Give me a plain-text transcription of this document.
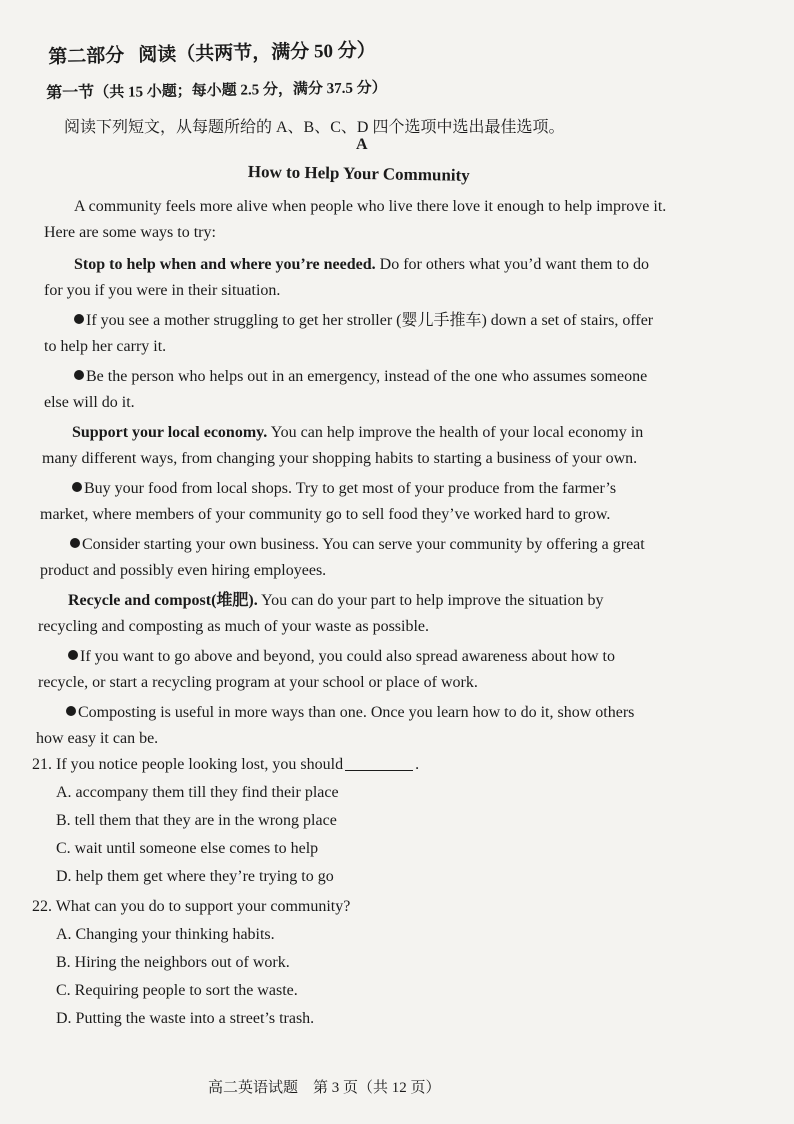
第二部分 阅读（共两节，满分 50 分）
第一节（共 15 小题；每小题 2.5 分，满分 37.5 分）
阅读下列短文，从每题所给的 A、B、C、D 四个选项中选出最佳选项。
A
How to Help Your Community
A community feels more alive when people who live there love it enough to help improve it.
Here are some ways to try:
Stop to help when and where you’re needed. Do for others what you’d want them to do
for you if you were in their situation.
If you see a mother struggling to get her stroller (婴儿手推车) down a set of stairs, offer
to help her carry it.
Be the person who helps out in an emergency, instead of the one who assumes someone
else will do it.
Support your local economy. You can help improve the health of your local economy in
many different ways, from changing your shopping habits to starting a business of your own.
Buy your food from local shops. Try to get most of your produce from the farmer’s
market, where members of your community go to sell food they’ve worked hard to grow.
Consider starting your own business. You can serve your community by offering a great
product and possibly even hiring employees.
Recycle and compost(堆肥). You can do your part to help improve the situation by
recycling and composting as much of your waste as possible.
If you want to go above and beyond, you could also spread awareness about how to
recycle, or start a recycling program at your school or place of work.
Composting is useful in more ways than one. Once you learn how to do it, show others
how easy it can be.
21. If you notice people looking lost, you should	.
A. accompany them till they find their place
B. tell them that they are in the wrong place
C. wait until someone else comes to help
D. help them get where they’re trying to go
22. What can you do to support your community?
A. Changing your thinking habits.
B. Hiring the neighbors out of work.
C. Requiring people to sort the waste.
D. Putting the waste into a street’s trash.
高二英语试题　第 3 页（共 12 页）
